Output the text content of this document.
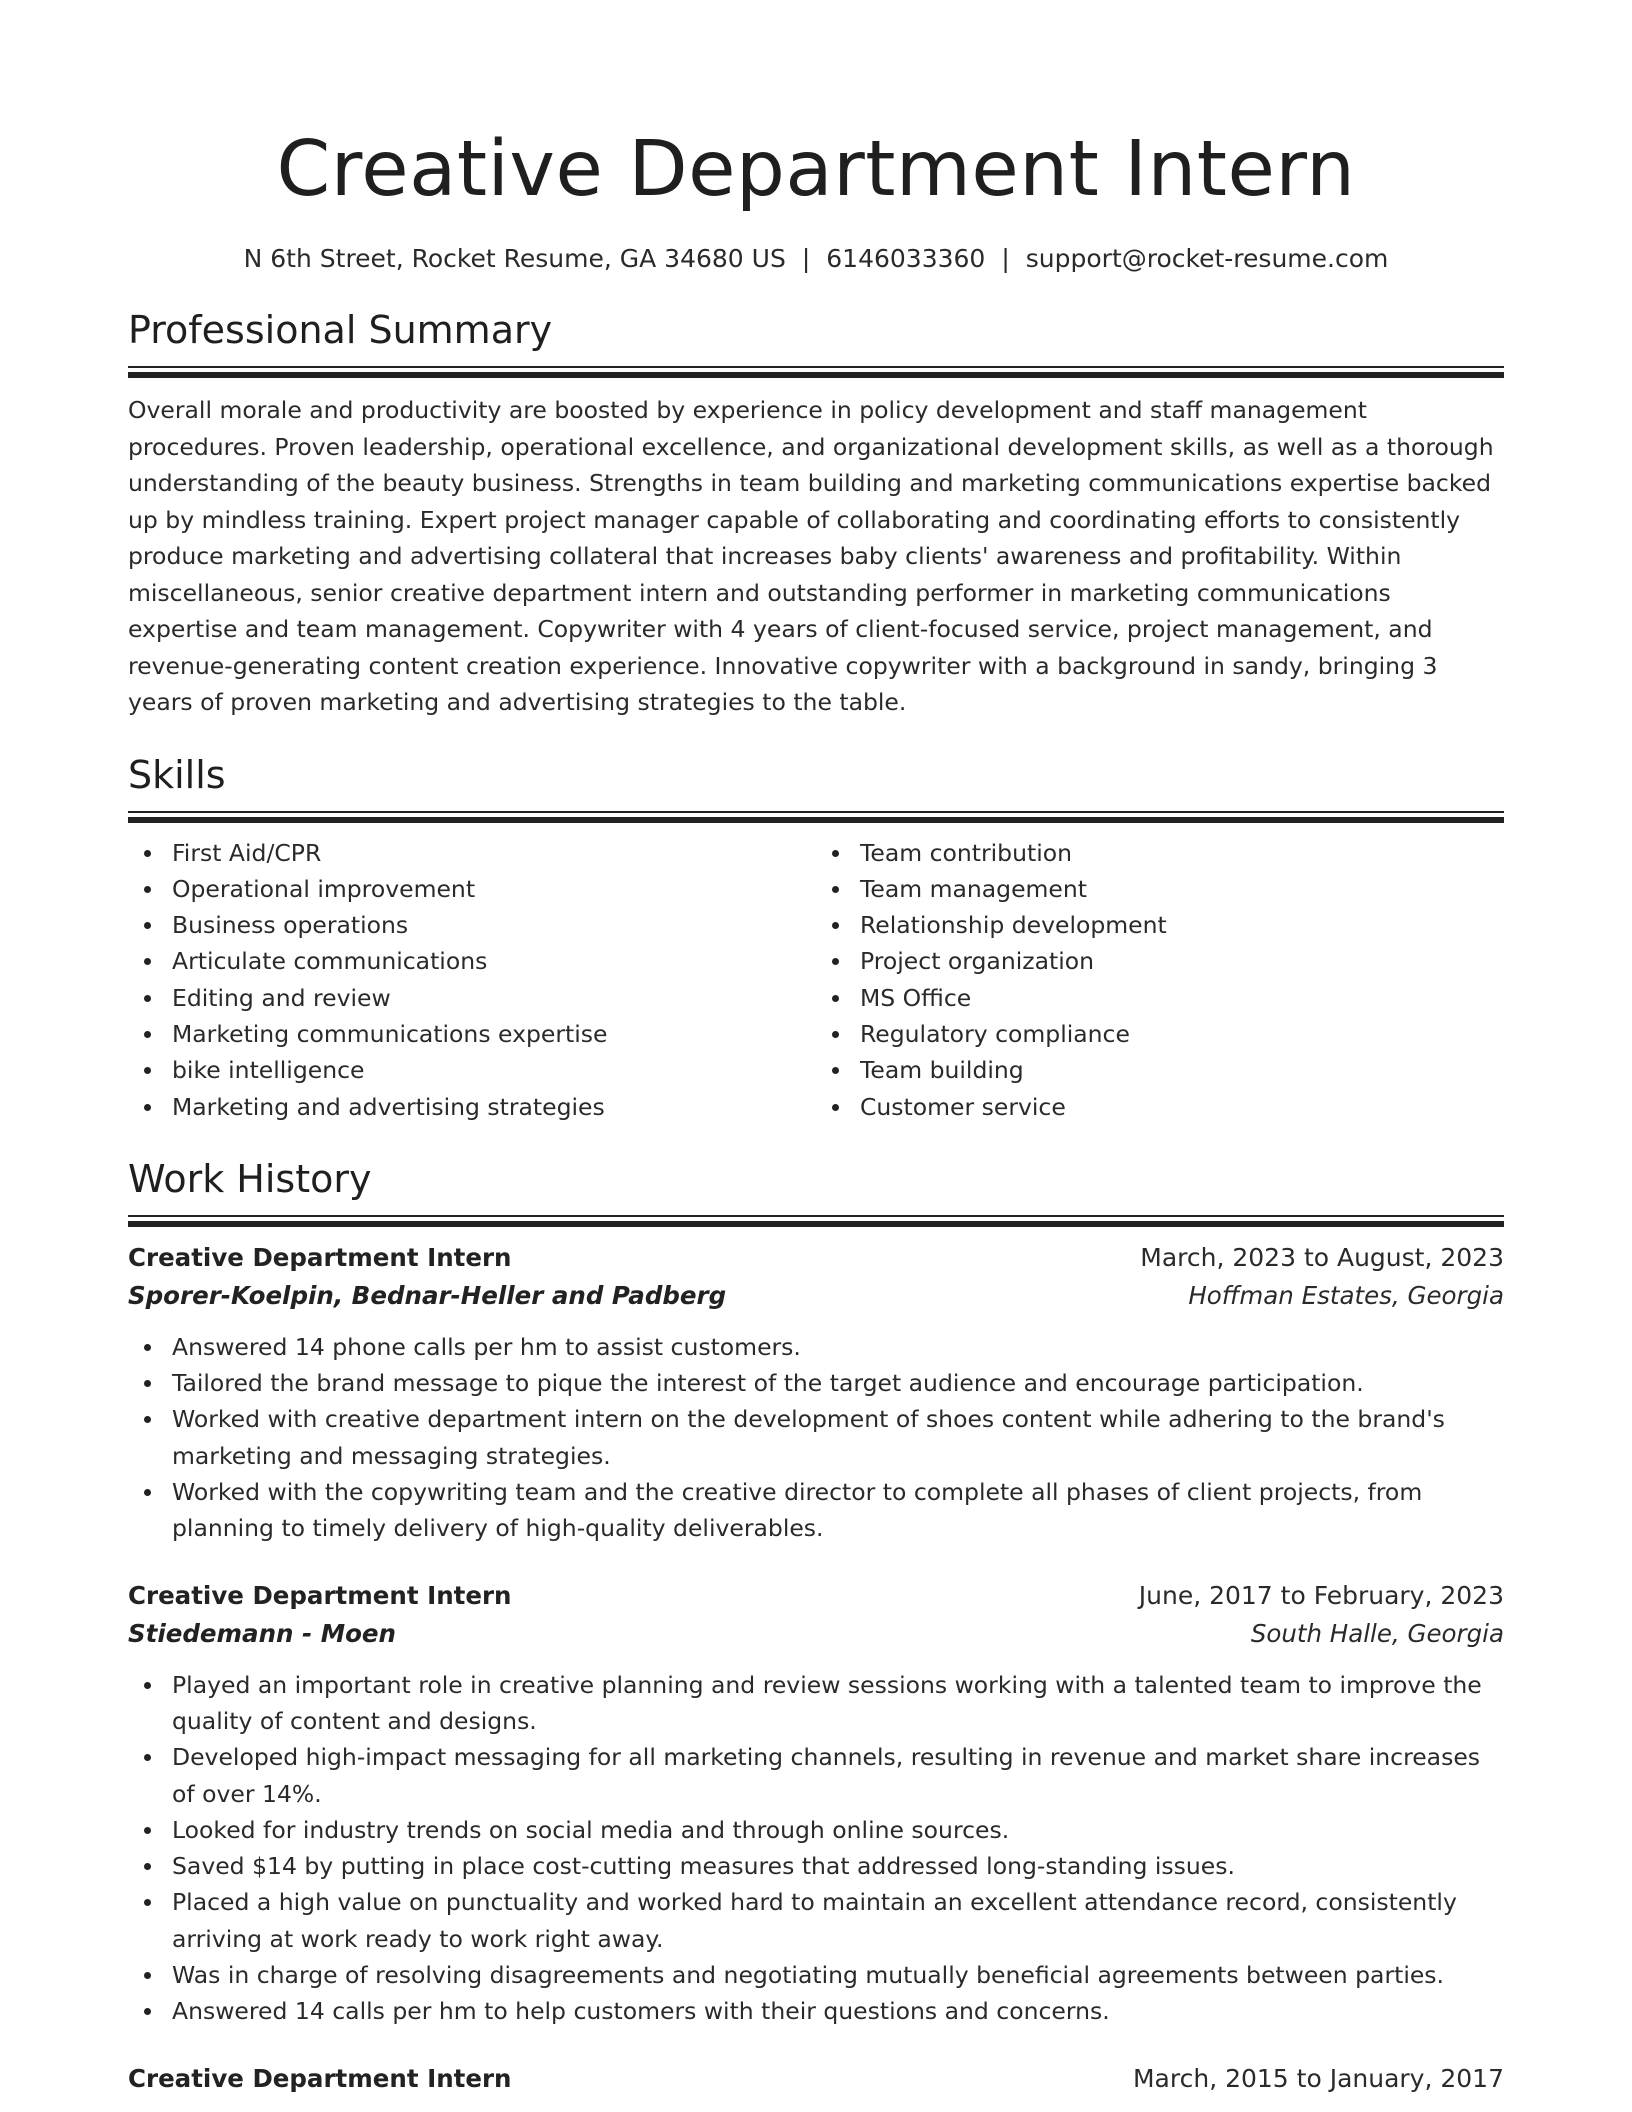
Creative Department Intern
N 6th Street, Rocket Resume, GA 34680 US | 6146033360 | support@rocket-resume.com
Professional Summary

Overall morale and productivity are boosted by experience in policy development and staff management procedures. Proven leadership, operational excellence, and organizational development skills, as well as a thorough understanding of the beauty business. Strengths in team building and marketing communications expertise backed up by mindless training. Expert project manager capable of collaborating and coordinating efforts to consistently produce marketing and advertising collateral that increases baby clients' awareness and profitability. Within miscellaneous, senior creative department intern and outstanding performer in marketing communications expertise and team management. Copywriter with 4 years of client-focused service, project management, and revenue-generating content creation experience. Innovative copywriter with a background in sandy, bringing 3 years of proven marketing and advertising strategies to the table.

Skills
First Aid/CPR
Operational improvement
Business operations
Articulate communications
Editing and review
Marketing communications expertise
bike intelligence
Marketing and advertising strategies
Team contribution
Team management
Relationship development
Project organization
MS Office
Regulatory compliance
Team building
Customer service
Work History
Creative Department Intern	March, 2023 to August, 2023
Sporer-Koelpin, Bednar-Heller and Padberg	Hoffman Estates, Georgia
Answered 14 phone calls per hm to assist customers.
Tailored the brand message to pique the interest of the target audience and encourage participation.
Worked with creative department intern on the development of shoes content while adhering to the brand's marketing and messaging strategies.
Worked with the copywriting team and the creative director to complete all phases of client projects, from planning to timely delivery of high-quality deliverables.
Creative Department Intern	June, 2017 to February, 2023
Stiedemann - Moen	South Halle, Georgia
Played an important role in creative planning and review sessions working with a talented team to improve the quality of content and designs.
Developed high-impact messaging for all marketing channels, resulting in revenue and market share increases of over 14%.
Looked for industry trends on social media and through online sources.
Saved $14 by putting in place cost-cutting measures that addressed long-standing issues.
Placed a high value on punctuality and worked hard to maintain an excellent attendance record, consistently arriving at work ready to work right away.
Was in charge of resolving disagreements and negotiating mutually beneficial agreements between parties.
Answered 14 calls per hm to help customers with their questions and concerns.
Creative Department Intern	March, 2015 to January, 2017
